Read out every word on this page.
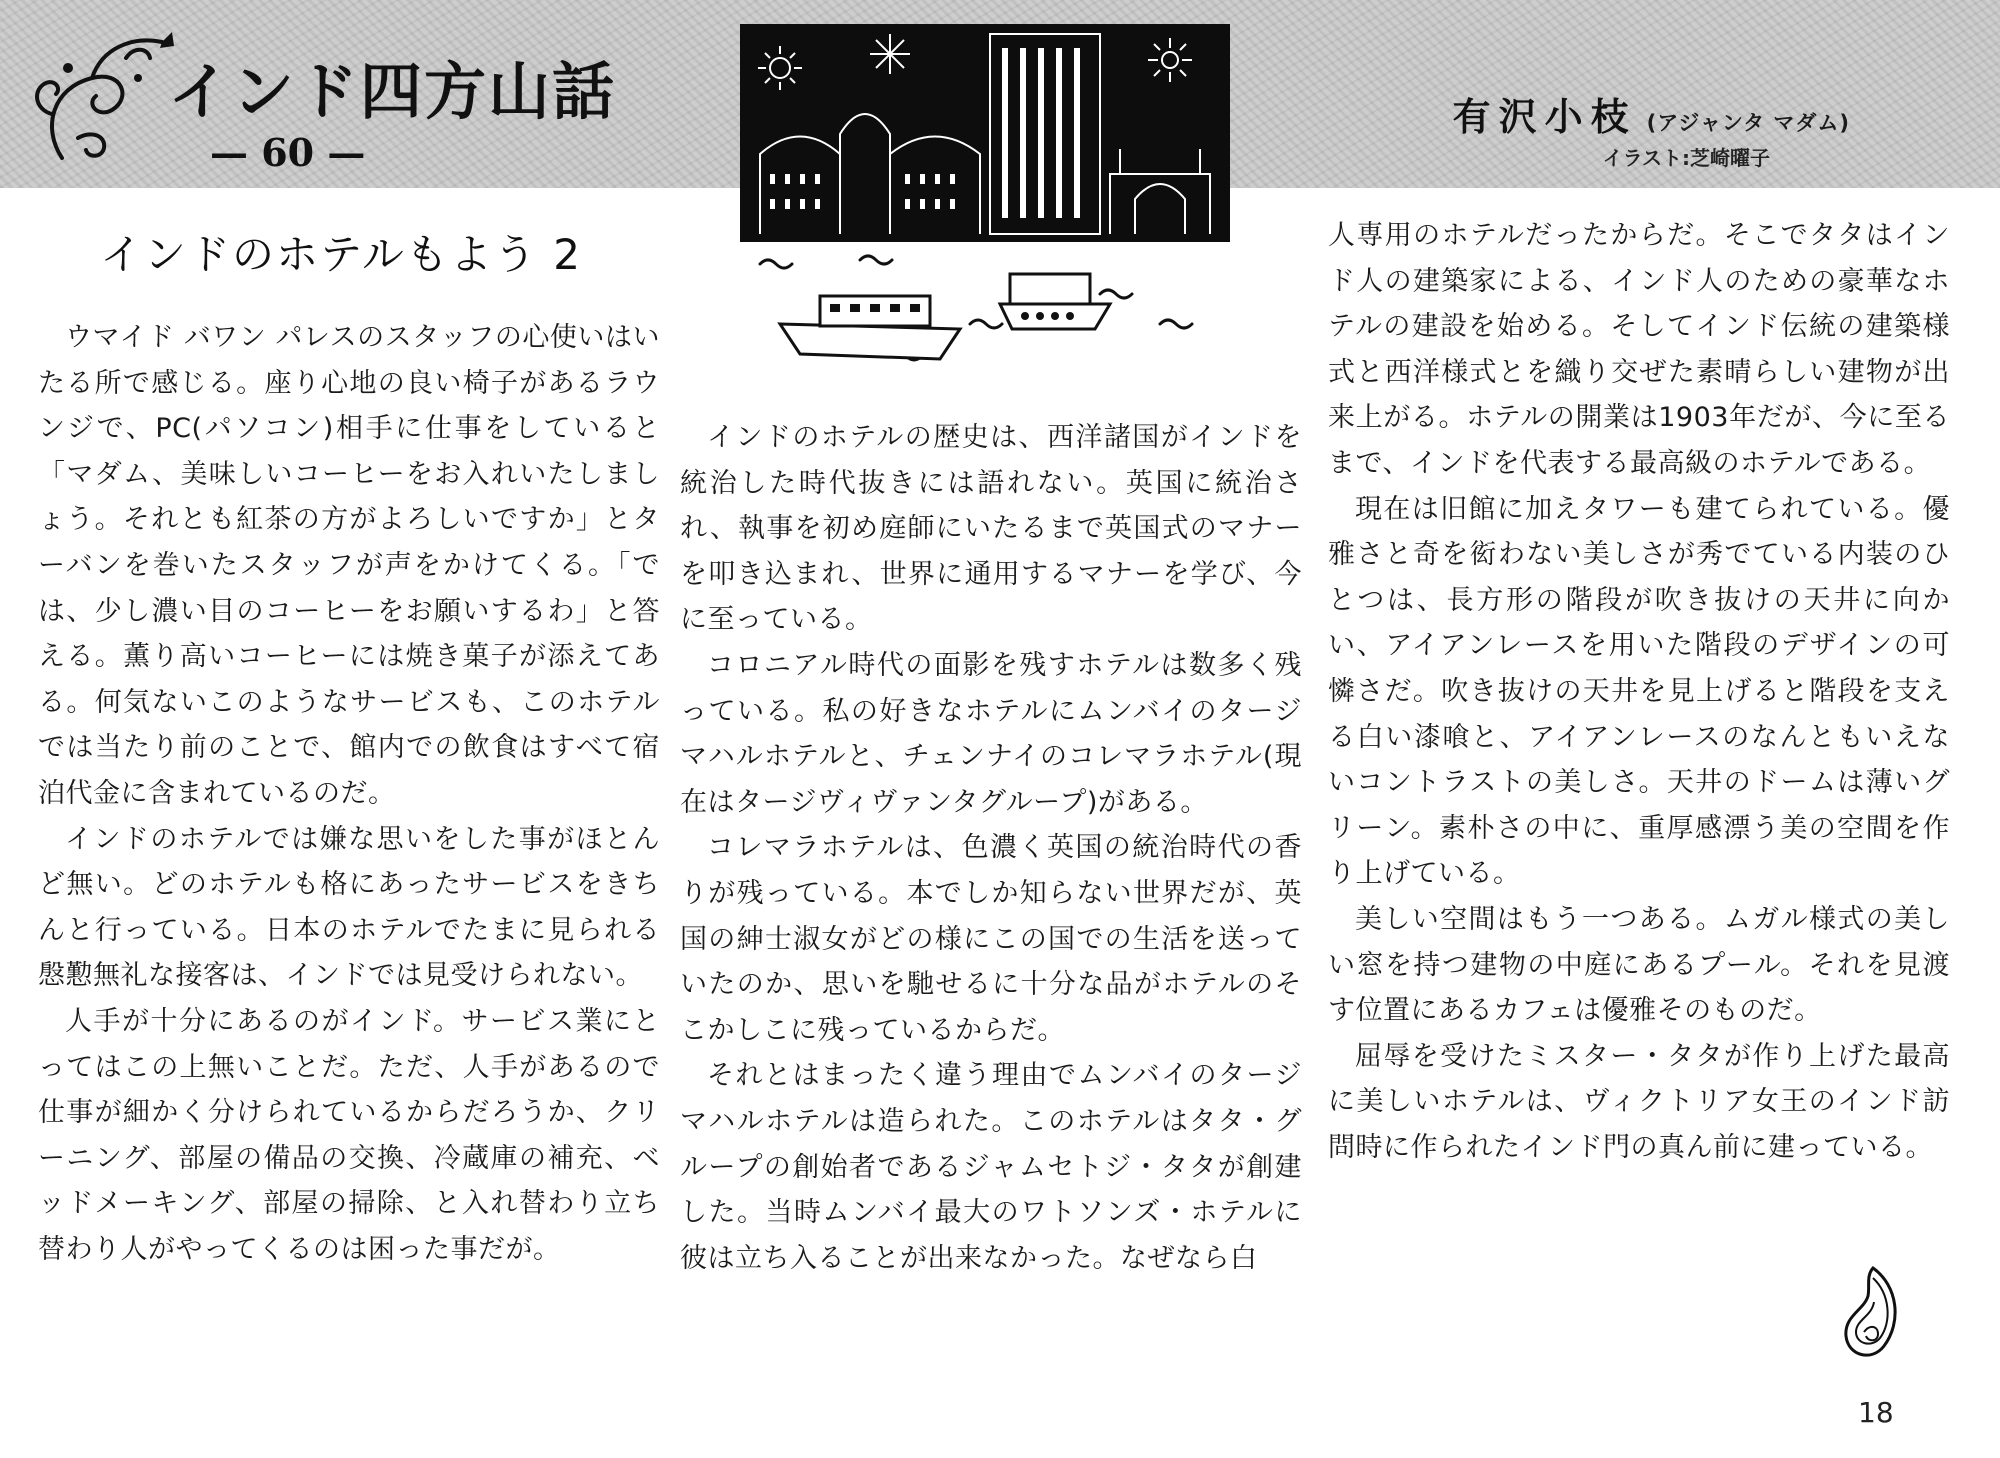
インド四方山話
— 60 —
有沢小枝 (アジャンタ マダム)
イラスト:芝崎曜子
インドのホテルもよう 2

ウマイド バワン パレスのスタッフの心使いはいたる所で感じる。座り心地の良い椅子があるラウンジで、PC(パソコン)相手に仕事をしていると「マダム、美味しいコーヒーをお入れいたしましょう。それとも紅茶の方がよろしいですか」とターバンを巻いたスタッフが声をかけてくる。「では、少し濃い目のコーヒーをお願いするわ」と答える。薫り高いコーヒーには焼き菓子が添えてある。何気ないこのようなサービスも、このホテルでは当たり前のことで、館内での飲食はすべて宿泊代金に含まれているのだ。

インドのホテルでは嫌な思いをした事がほとんど無い。どのホテルも格にあったサービスをきちんと行っている。日本のホテルでたまに見られる慇懃無礼な接客は、インドでは見受けられない。

人手が十分にあるのがインド。サービス業にとってはこの上無いことだ。ただ、人手があるので仕事が細かく分けられているからだろうか、クリーニング、部屋の備品の交換、冷蔵庫の補充、ベッドメーキング、部屋の掃除、と入れ替わり立ち替わり人がやってくるのは困った事だが。

インドのホテルの歴史は、西洋諸国がインドを統治した時代抜きには語れない。英国に統治され、執事を初め庭師にいたるまで英国式のマナーを叩き込まれ、世界に通用するマナーを学び、今に至っている。

コロニアル時代の面影を残すホテルは数多く残っている。私の好きなホテルにムンバイのタージマハルホテルと、チェンナイのコレマラホテル(現在はタージヴィヴァンタグループ)がある。

コレマラホテルは、色濃く英国の統治時代の香りが残っている。本でしか知らない世界だが、英国の紳士淑女がどの様にこの国での生活を送っていたのか、思いを馳せるに十分な品がホテルのそこかしこに残っているからだ。

それとはまったく違う理由でムンバイのタージマハルホテルは造られた。このホテルはタタ・グループの創始者であるジャムセトジ・タタが創建した。当時ムンバイ最大のワトソンズ・ホテルに彼は立ち入ることが出来なかった。なぜなら白

人専用のホテルだったからだ。そこでタタはインド人の建築家による、インド人のための豪華なホテルの建設を始める。そしてインド伝統の建築様式と西洋様式とを織り交ぜた素晴らしい建物が出来上がる。ホテルの開業は1903年だが、今に至るまで、インドを代表する最高級のホテルである。

現在は旧館に加えタワーも建てられている。優雅さと奇を衒わない美しさが秀でている内装のひとつは、長方形の階段が吹き抜けの天井に向かい、アイアンレースを用いた階段のデザインの可憐さだ。吹き抜けの天井を見上げると階段を支える白い漆喰と、アイアンレースのなんともいえないコントラストの美しさ。天井のドームは薄いグリーン。素朴さの中に、重厚感漂う美の空間を作り上げている。

美しい空間はもう一つある。ムガル様式の美しい窓を持つ建物の中庭にあるプール。それを見渡す位置にあるカフェは優雅そのものだ。

屈辱を受けたミスター・タタが作り上げた最高に美しいホテルは、ヴィクトリア女王のインド訪問時に作られたインド門の真ん前に建っている。

18
